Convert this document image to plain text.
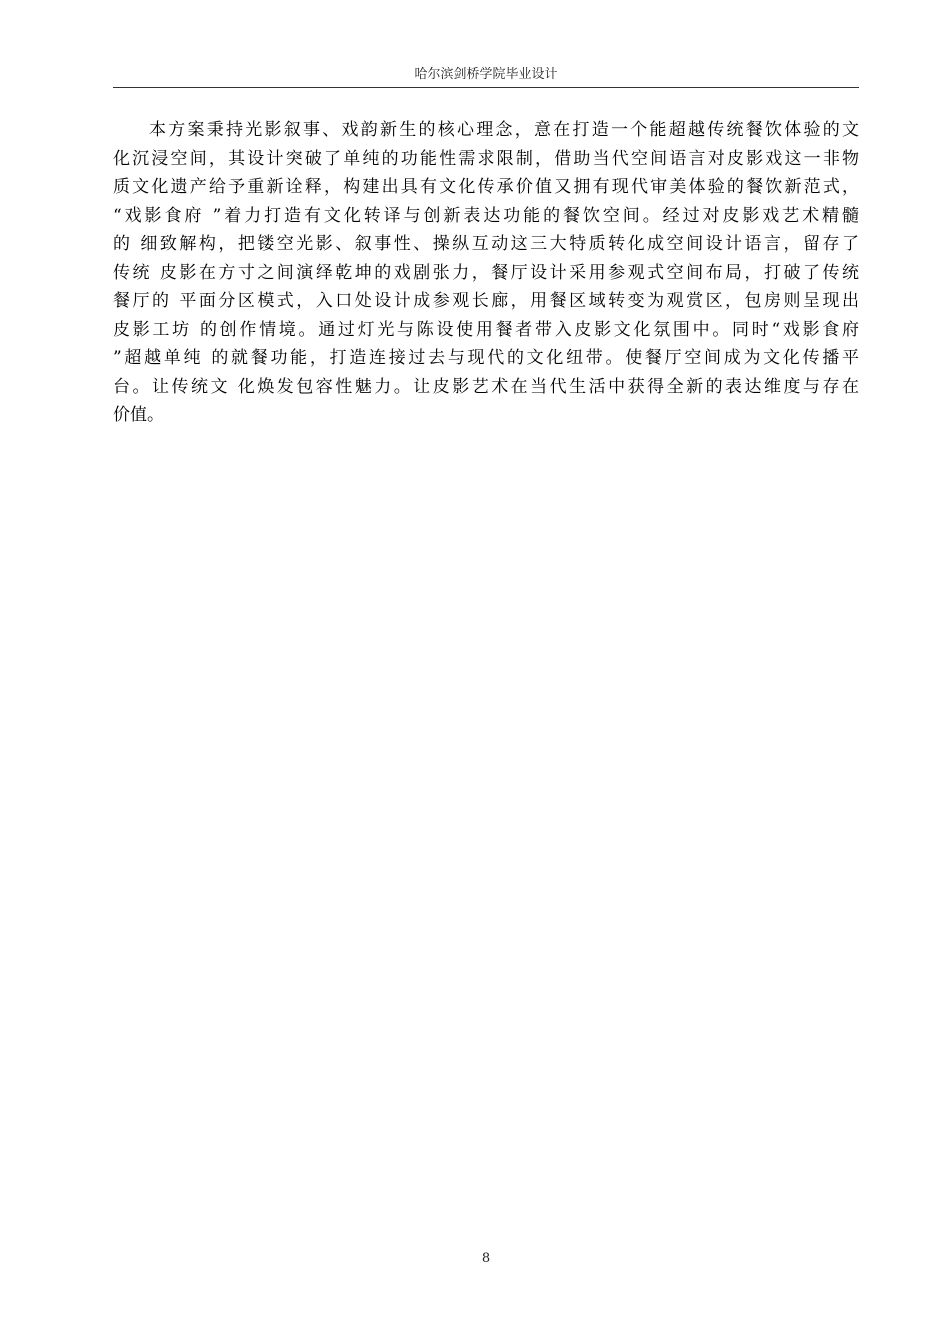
哈尔滨剑桥学院毕业设计
本方案秉持光影叙事、戏韵新生的核心理念，意在打造一个能超越传统餐饮体验的文
化沉浸空间，其设计突破了单纯的功能性需求限制，借助当代空间语言对皮影戏这一非物
质文化遗产给予重新诠释，构建出具有文化传承价值又拥有现代审美体验的餐饮新范式，
“戏影食府 ”着力打造有文化转译与创新表达功能的餐饮空间。经过对皮影戏艺术精髓
的 细致解构，把镂空光影、叙事性、操纵互动这三大特质转化成空间设计语言，留存了
传统 皮影在方寸之间演绎乾坤的戏剧张力，餐厅设计采用参观式空间布局，打破了传统
餐厅的 平面分区模式，入口处设计成参观长廊，用餐区域转变为观赏区，包房则呈现出
皮影工坊 的创作情境。通过灯光与陈设使用餐者带入皮影文化氛围中。同时“戏影食府
”超越单纯 的就餐功能，打造连接过去与现代的文化纽带。使餐厅空间成为文化传播平
台。让传统文 化焕发包容性魅力。让皮影艺术在当代生活中获得全新的表达维度与存在
价值。
8
